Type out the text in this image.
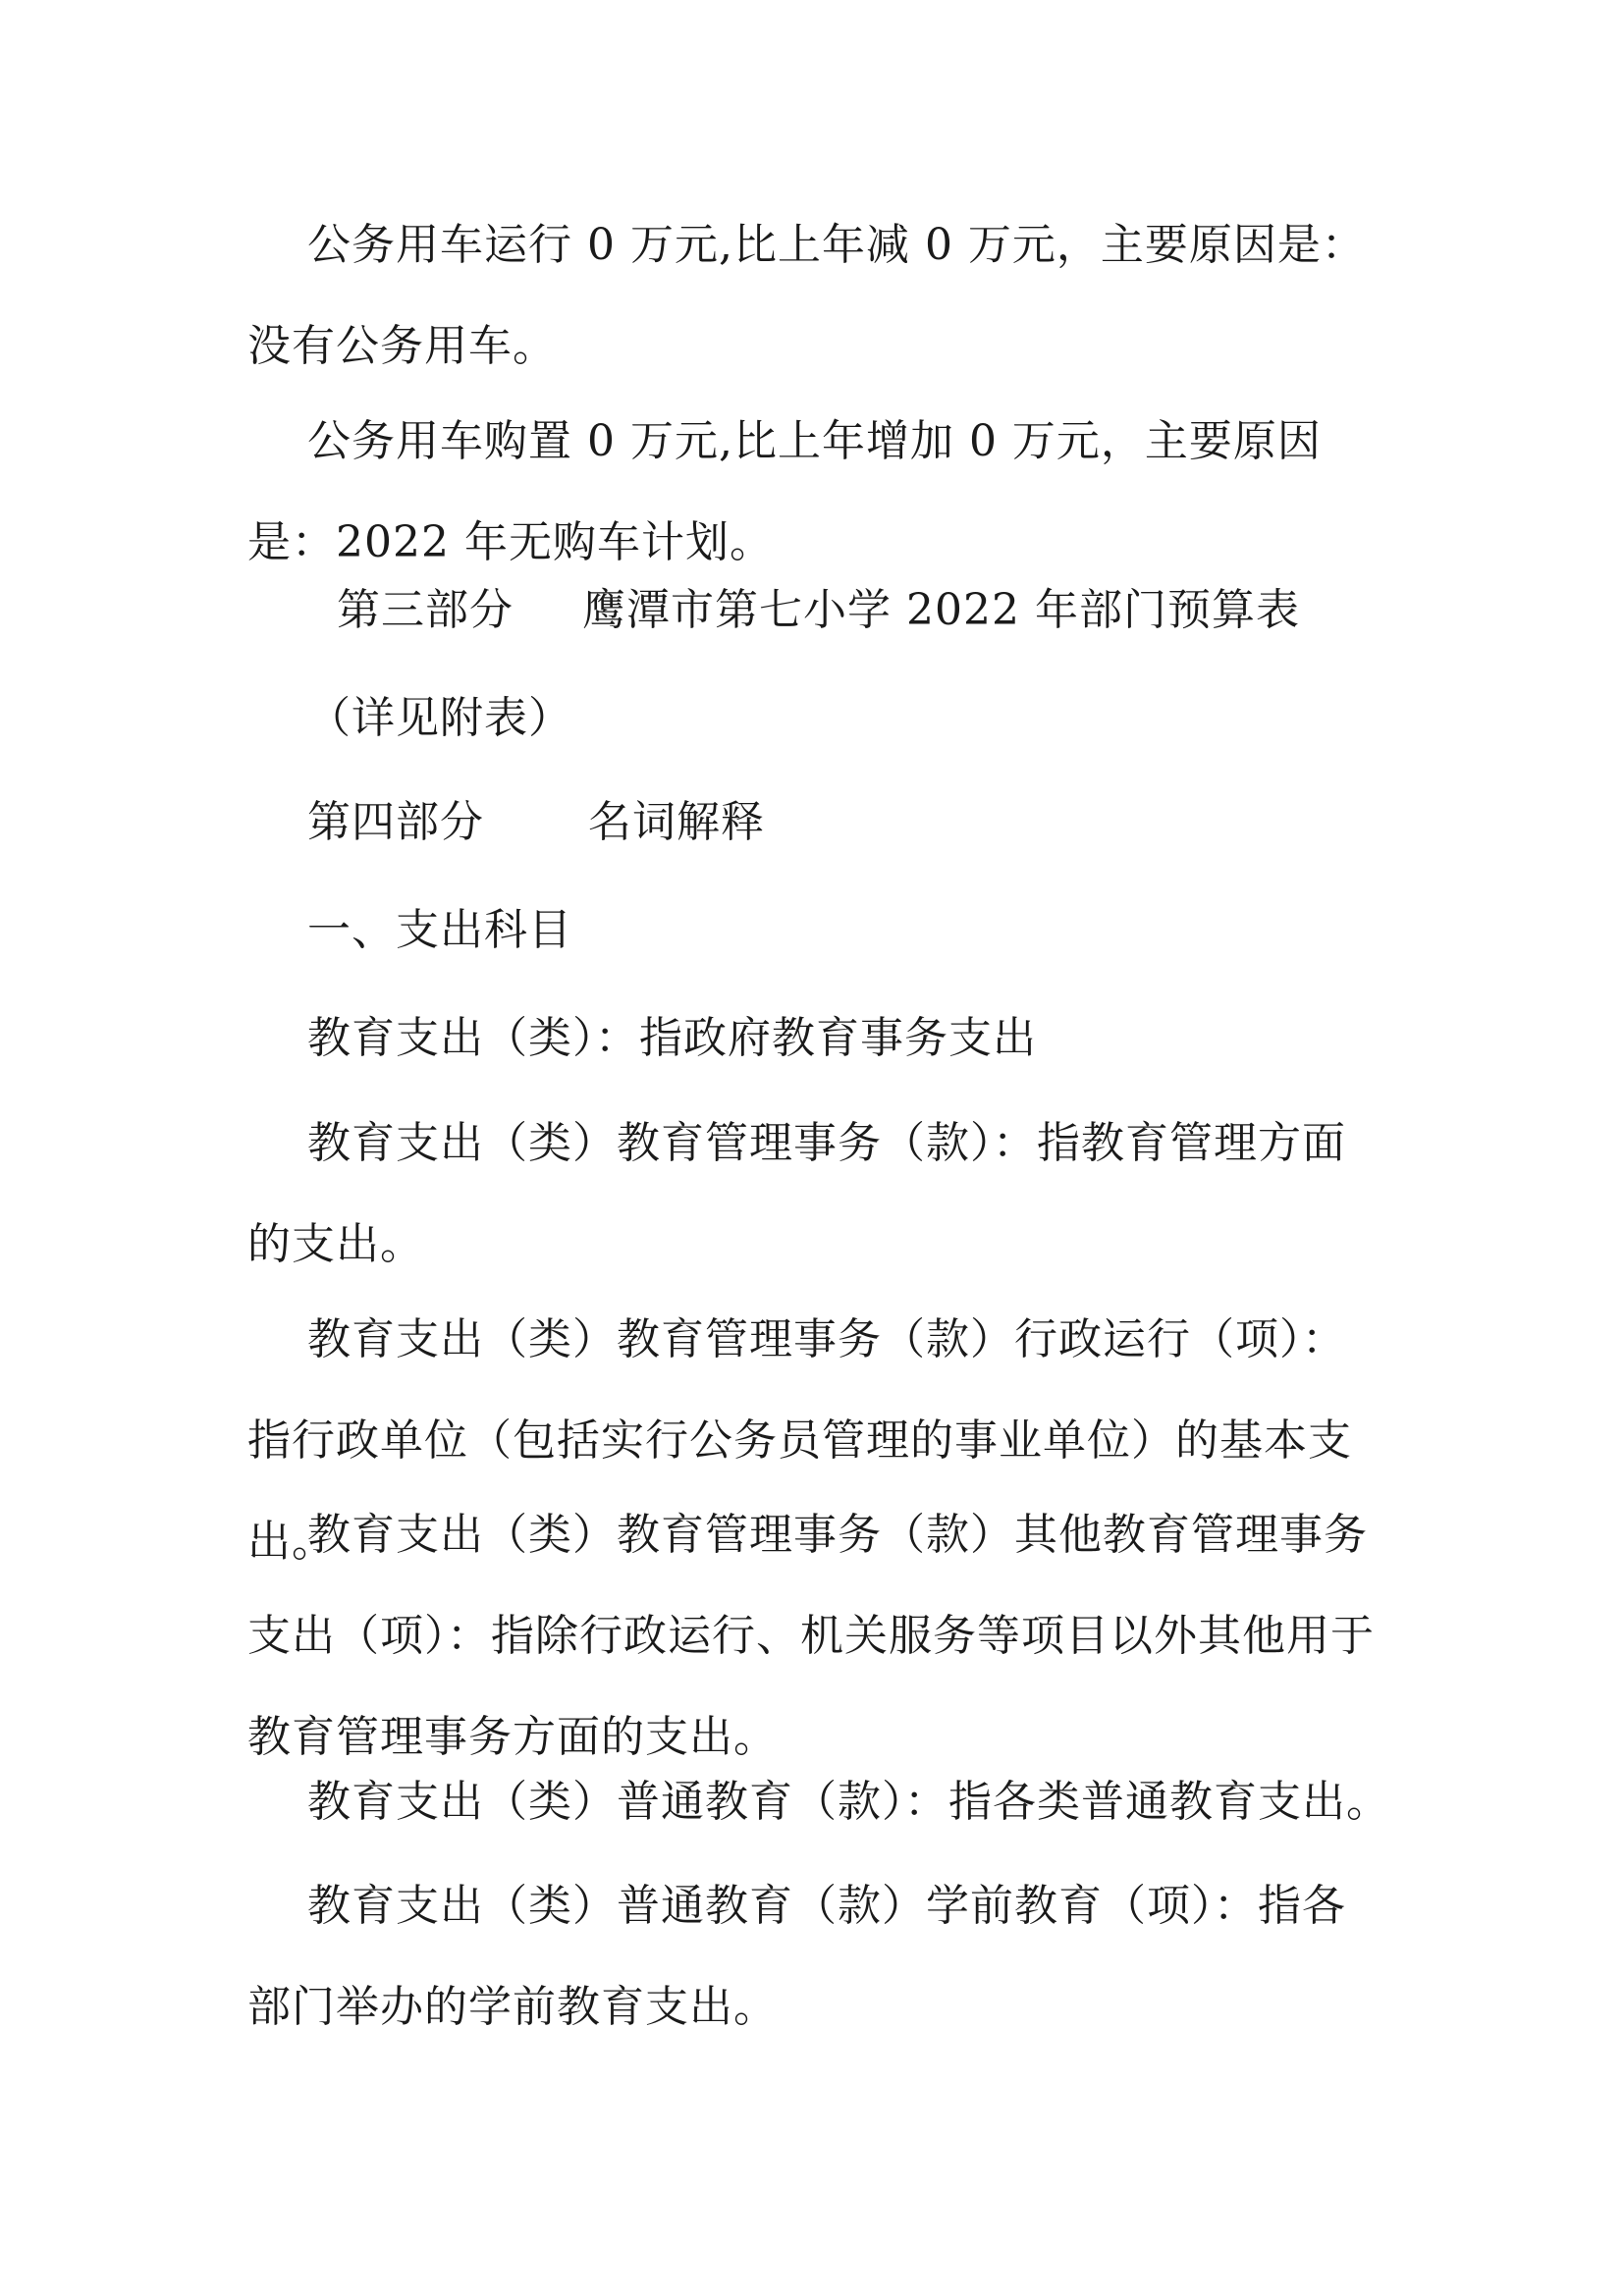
公务用车运行 0 万元,比上年减 0 万元，主要原因是：没有公务用车。

公务用车购置 0 万元,比上年增加 0 万元，主要原因是：2022 年无购车计划。

第三部分 鹰潭市第七小学 2022 年部门预算表
（详见附表）
第四部分 名词解释
一、支出科目
教育支出（类）：指政府教育事务支出

教育支出（类）教育管理事务（款）：指教育管理方面的支出。

教育支出（类）教育管理事务（款）行政运行（项）：指行政单位（包括实行公务员管理的事业单位）的基本支出。

教育支出（类）教育管理事务（款）其他教育管理事务支出（项）：指除行政运行、机关服务等项目以外其他用于教育管理事务方面的支出。

教育支出（类）普通教育（款）：指各类普通教育支出。

教育支出（类）普通教育（款）学前教育（项）：指各部门举办的学前教育支出。
